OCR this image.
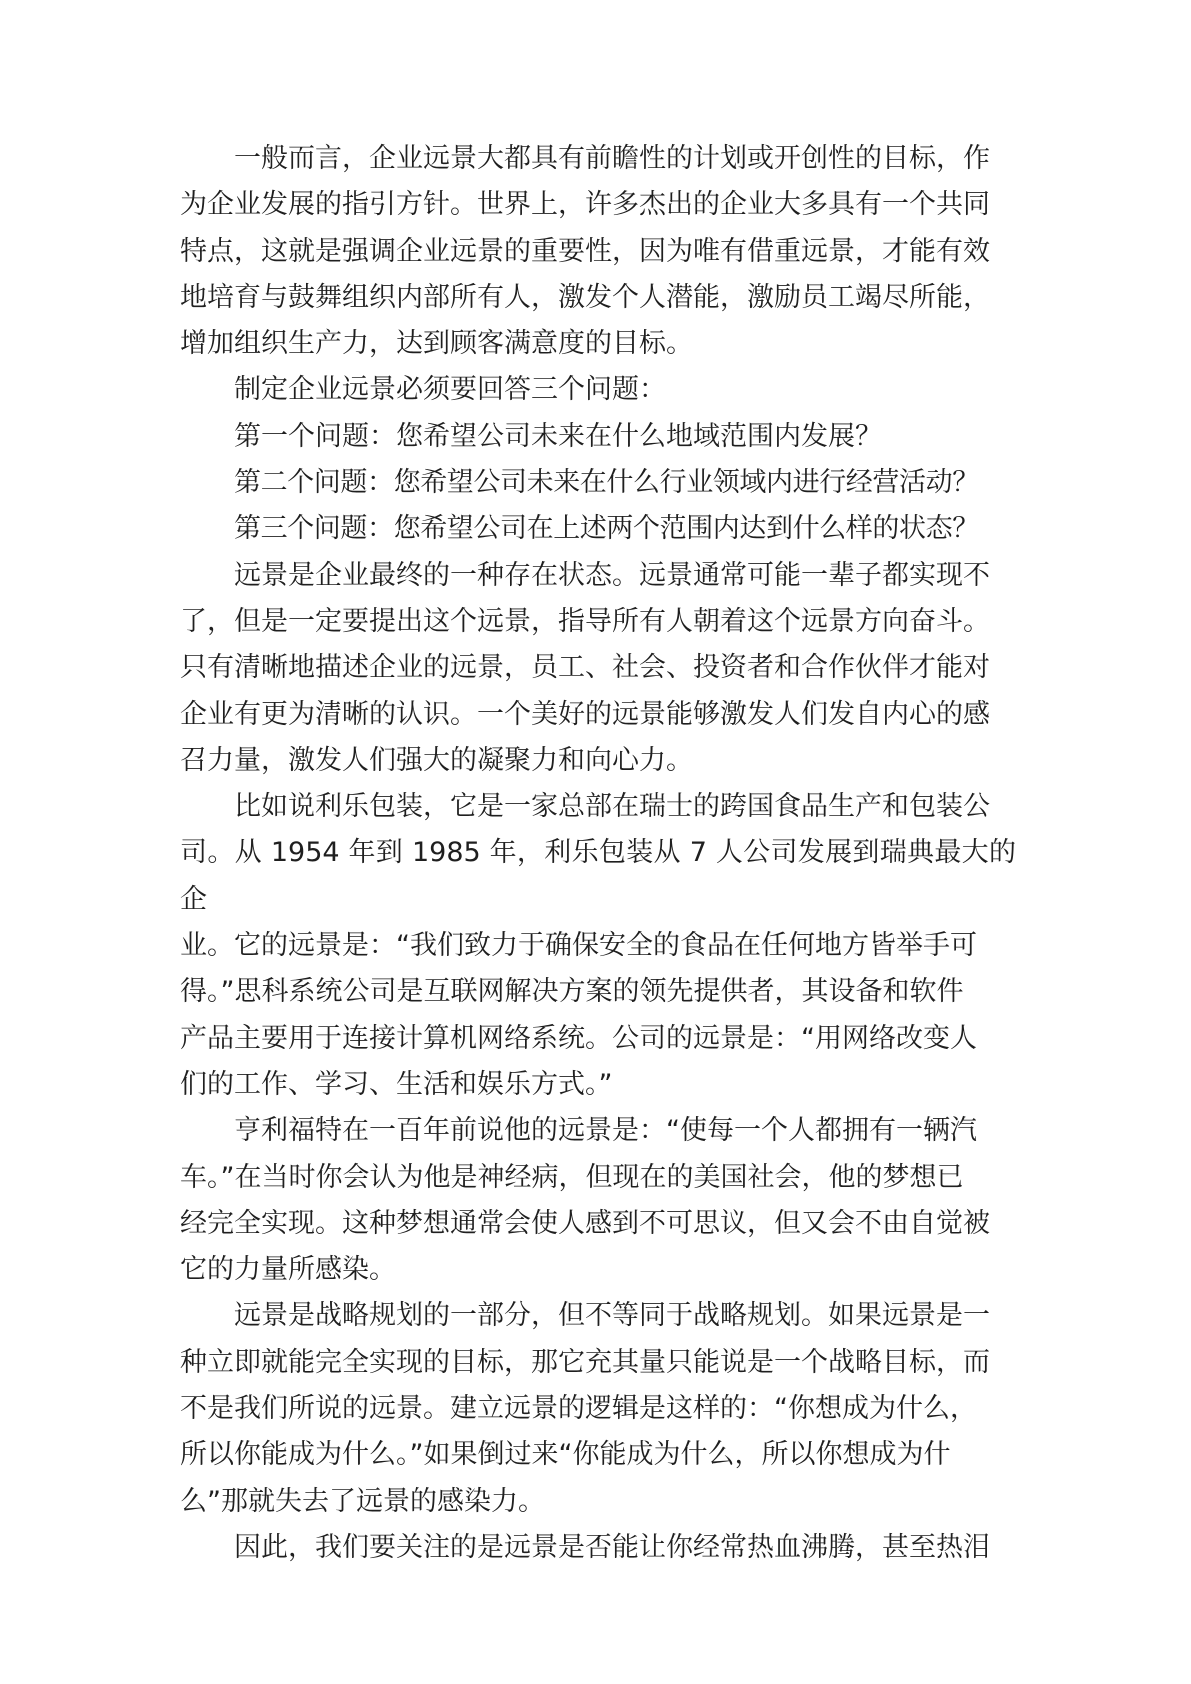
一般而言，企业远景大都具有前瞻性的计划或开创性的目标，作
为企业发展的指引方针。世界上，许多杰出的企业大多具有一个共同
特点，这就是强调企业远景的重要性，因为唯有借重远景，才能有效
地培育与鼓舞组织内部所有人，激发个人潜能，激励员工竭尽所能，
增加组织生产力，达到顾客满意度的目标。

制定企业远景必须要回答三个问题：

第一个问题：您希望公司未来在什么地域范围内发展？

第二个问题：您希望公司未来在什么行业领域内进行经营活动？

第三个问题：您希望公司在上述两个范围内达到什么样的状态？

远景是企业最终的一种存在状态。远景通常可能一辈子都实现不
了，但是一定要提出这个远景，指导所有人朝着这个远景方向奋斗。
只有清晰地描述企业的远景，员工、社会、投资者和合作伙伴才能对
企业有更为清晰的认识。一个美好的远景能够激发人们发自内心的感
召力量，激发人们强大的凝聚力和向心力。

比如说利乐包装，它是一家总部在瑞士的跨国食品生产和包装公
司。从 1954 年到 1985 年，利乐包装从 7 人公司发展到瑞典最大的企
业。它的远景是：“我们致力于确保安全的食品在任何地方皆举手可
得。”思科系统公司是互联网解决方案的领先提供者，其设备和软件
产品主要用于连接计算机网络系统。公司的远景是：“用网络改变人
们的工作、学习、生活和娱乐方式。”

亨利福特在一百年前说他的远景是：“使每一个人都拥有一辆汽
车。”在当时你会认为他是神经病，但现在的美国社会，他的梦想已
经完全实现。这种梦想通常会使人感到不可思议，但又会不由自觉被
它的力量所感染。

远景是战略规划的一部分，但不等同于战略规划。如果远景是一
种立即就能完全实现的目标，那它充其量只能说是一个战略目标，而
不是我们所说的远景。建立远景的逻辑是这样的：“你想成为什么，
所以你能成为什么。”如果倒过来“你能成为什么，所以你想成为什
么”那就失去了远景的感染力。

因此，我们要关注的是远景是否能让你经常热血沸腾，甚至热泪
